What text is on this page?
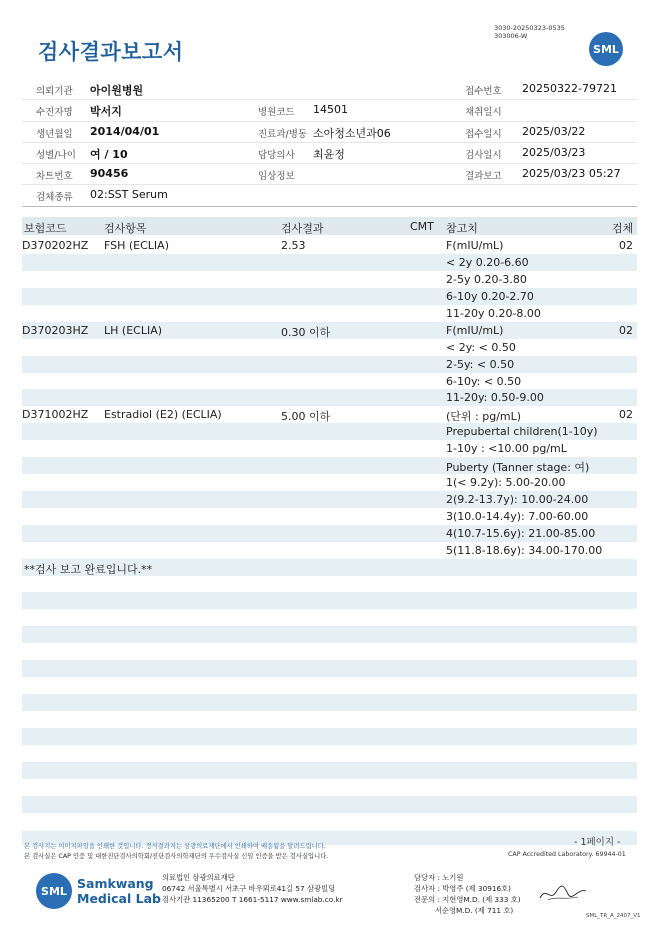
검사결과보고서
3030-20250323-0535
303006-W
SML
의뢰기관 아이원병원	접수번호 20250322-79721
수진자명 박서지	병원코드 14501	채취일시
생년월일 2014/04/01	진료과/병동 소아청소년과06	접수일시 2025/03/22
성별/나이 여 / 10	담당의사 최윤정	검사일시 2025/03/23
차트번호 90456	임상정보	결과보고 2025/03/23 05:27
검체종류 02:SST Serum
보험코드	검사항목	검사결과	CMT 참고치	검체
D370202HZ FSH (ECLIA)	2.53	F(mIU/mL)	02
< 2y 0.20-6.60
2-5y 0.20-3.80
6-10y 0.20-2.70
11-20y 0.20-8.00
D370203HZ LH (ECLIA)	0.30 이하	F(mIU/mL)	02
< 2y: < 0.50
2-5y: < 0.50
6-10y: < 0.50
11-20y: 0.50-9.00
D371002HZ Estradiol (E2) (ECLIA)	5.00 이하	(단위 : pg/mL)	02
Prepubertal children(1-10y)
1-10y : <10.00 pg/mL
Puberty (Tanner stage: 여)
1(< 9.2y): 5.00-20.00
2(9.2-13.7y): 10.00-24.00
3(10.0-14.4y): 7.00-60.00
4(10.7-15.6y): 21.00-85.00
5(11.8-18.6y): 34.00-170.00
**검사 보고 완료입니다.**
- 1페이지 -
본 검사지는 이미지파일을 인쇄한 것입니다. 정식결과지는 삼광의료재단에서 인쇄하여 배송됨을 알려드립니다.
본 검사실은 CAP 인증 및 대한진단검사의학회/진단검사의학재단의 우수검사실 신임 인증을 받은 검사실입니다.	CAP Accredited Laboratory. 69944-01
SML Samkwang
Medical Lab
의료법인 삼광의료재단
06742 서울특별시 서초구 바우뫼로41길 57 삼광빌딩
검사기관 11365200 T 1661-5117 www.smlab.co.kr
담당자 : 노기원
검사자 : 박영주 (제 30916호)
전문의 : 지현영M.D. (제 333 호)
서순영M.D. (제 711 호)
SML_TR_A_2407_V1
